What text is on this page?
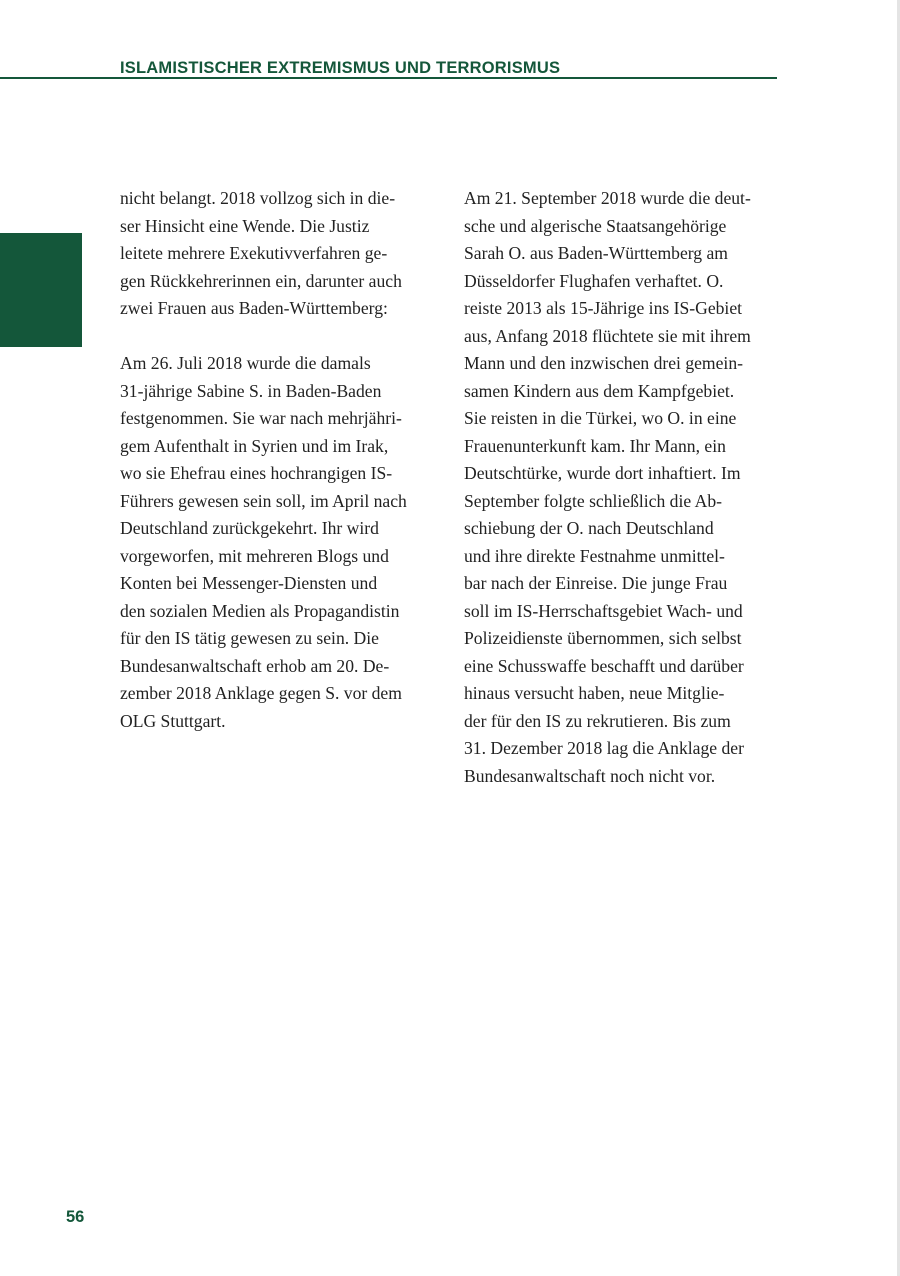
ISLAMISTISCHER EXTREMISMUS UND TERRORISMUS

nicht belangt. 2018 vollzog sich in die-
ser Hinsicht eine Wende. Die Justiz
leitete mehrere Exekutivverfahren ge-
gen Rückkehrerinnen ein, darunter auch
zwei Frauen aus Baden-Württemberg:

Am 26. Juli 2018 wurde die damals
31-jährige Sabine S. in Baden-Baden
festgenommen. Sie war nach mehrjähri-
gem Aufenthalt in Syrien und im Irak,
wo sie Ehefrau eines hochrangigen IS-
Führers gewesen sein soll, im April nach
Deutschland zurückgekehrt. Ihr wird
vorgeworfen, mit mehreren Blogs und
Konten bei Messenger-Diensten und
den sozialen Medien als Propagandistin
für den IS tätig gewesen zu sein. Die
Bundesanwaltschaft erhob am 20. De-
zember 2018 Anklage gegen S. vor dem
OLG Stuttgart.

Am 21. September 2018 wurde die deut-
sche und algerische Staatsangehörige
Sarah O. aus Baden-Württemberg am
Düsseldorfer Flughafen verhaftet. O.
reiste 2013 als 15-Jährige ins IS-Gebiet
aus, Anfang 2018 flüchtete sie mit ihrem
Mann und den inzwischen drei gemein-
samen Kindern aus dem Kampfgebiet.
Sie reisten in die Türkei, wo O. in eine
Frauenunterkunft kam. Ihr Mann, ein
Deutschtürke, wurde dort inhaftiert. Im
September folgte schließlich die Ab-
schiebung der O. nach Deutschland
und ihre direkte Festnahme unmittel-
bar nach der Einreise. Die junge Frau
soll im IS-Herrschaftsgebiet Wach- und
Polizeidienste übernommen, sich selbst
eine Schusswaffe beschafft und darüber
hinaus versucht haben, neue Mitglie-
der für den IS zu rekrutieren. Bis zum
31. Dezember 2018 lag die Anklage der
Bundesanwaltschaft noch nicht vor.

56
